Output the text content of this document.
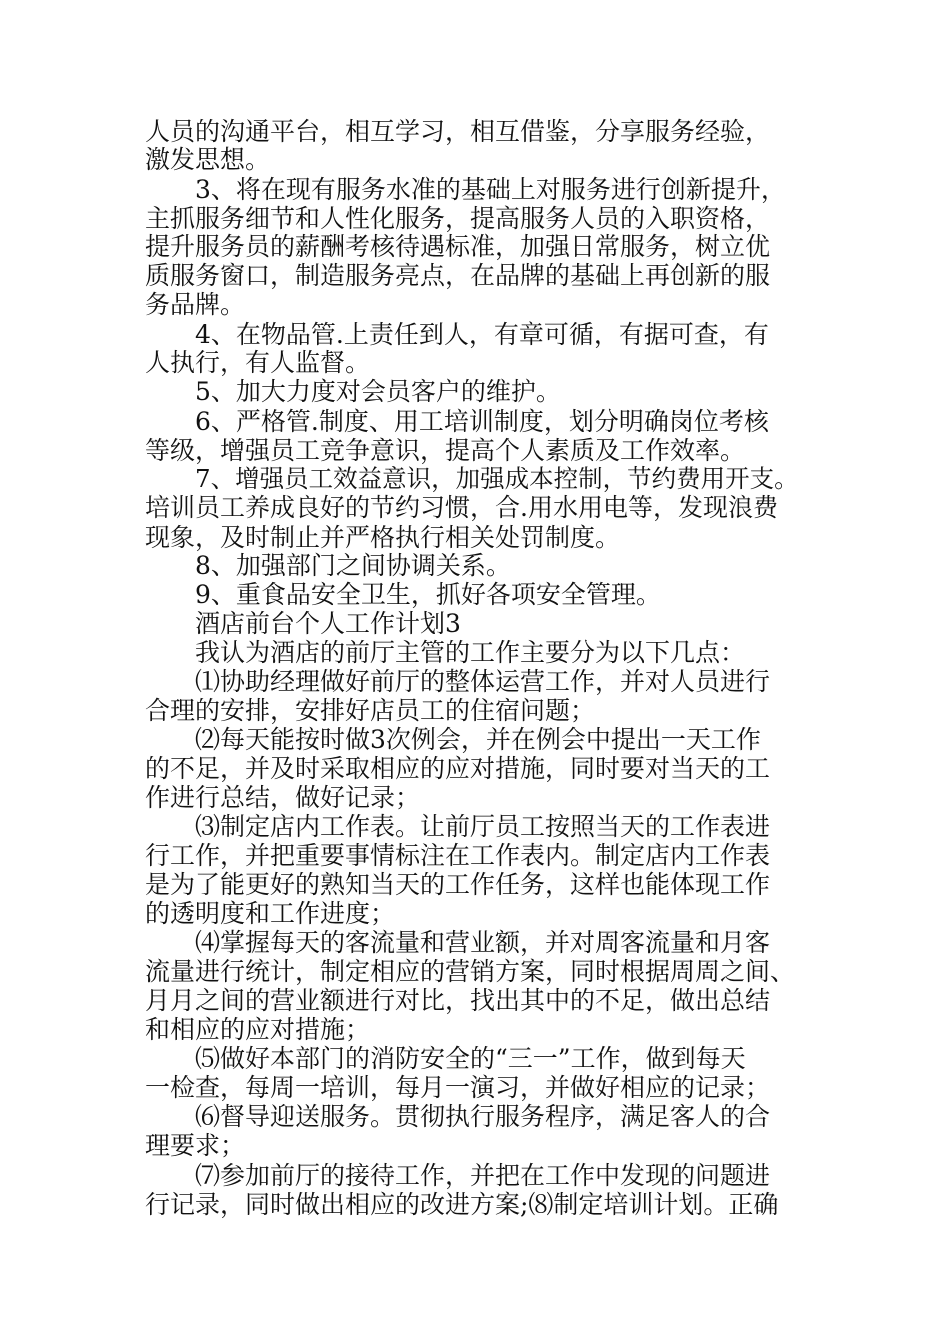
人员的沟通平台，相互学习，相互借鉴，分享服务经验，
激发思想。
3、将在现有服务水准的基础上对服务进行创新提升，
主抓服务细节和人性化服务，提高服务人员的入职资格，
提升服务员的薪酬考核待遇标准，加强日常服务，树立优
质服务窗口，制造服务亮点，在品牌的基础上再创新的服
务品牌。
4、在物品管.上责任到人，有章可循，有据可查，有
人执行，有人监督。
5、加大力度对会员客户的维护。
6、严格管.制度、用工培训制度，划分明确岗位考核
等级，增强员工竞争意识，提高个人素质及工作效率。
7、增强员工效益意识，加强成本控制，节约费用开支。
培训员工养成良好的节约习惯，合.用水用电等，发现浪费
现象，及时制止并严格执行相关处罚制度。
8、加强部门之间协调关系。
9、重食品安全卫生，抓好各项安全管理。
酒店前台个人工作计划3
我认为酒店的前厅主管的工作主要分为以下几点：
⑴协助经理做好前厅的整体运营工作，并对人员进行
合理的安排，安排好店员工的住宿问题；
⑵每天能按时做3次例会，并在例会中提出一天工作
的不足，并及时采取相应的应对措施，同时要对当天的工
作进行总结，做好记录；
⑶制定店内工作表。让前厅员工按照当天的工作表进
行工作，并把重要事情标注在工作表内。制定店内工作表
是为了能更好的熟知当天的工作任务，这样也能体现工作
的透明度和工作进度；
⑷掌握每天的客流量和营业额，并对周客流量和月客
流量进行统计，制定相应的营销方案，同时根据周周之间、
月月之间的营业额进行对比，找出其中的不足，做出总结
和相应的应对措施；
⑸做好本部门的消防安全的“三一”工作，做到每天
一检查，每周一培训，每月一演习，并做好相应的记录；
⑹督导迎送服务。贯彻执行服务程序，满足客人的合
理要求；
⑺参加前厅的接待工作，并把在工作中发现的问题进
行记录，同时做出相应的改进方案;⑻制定培训计划。正确
